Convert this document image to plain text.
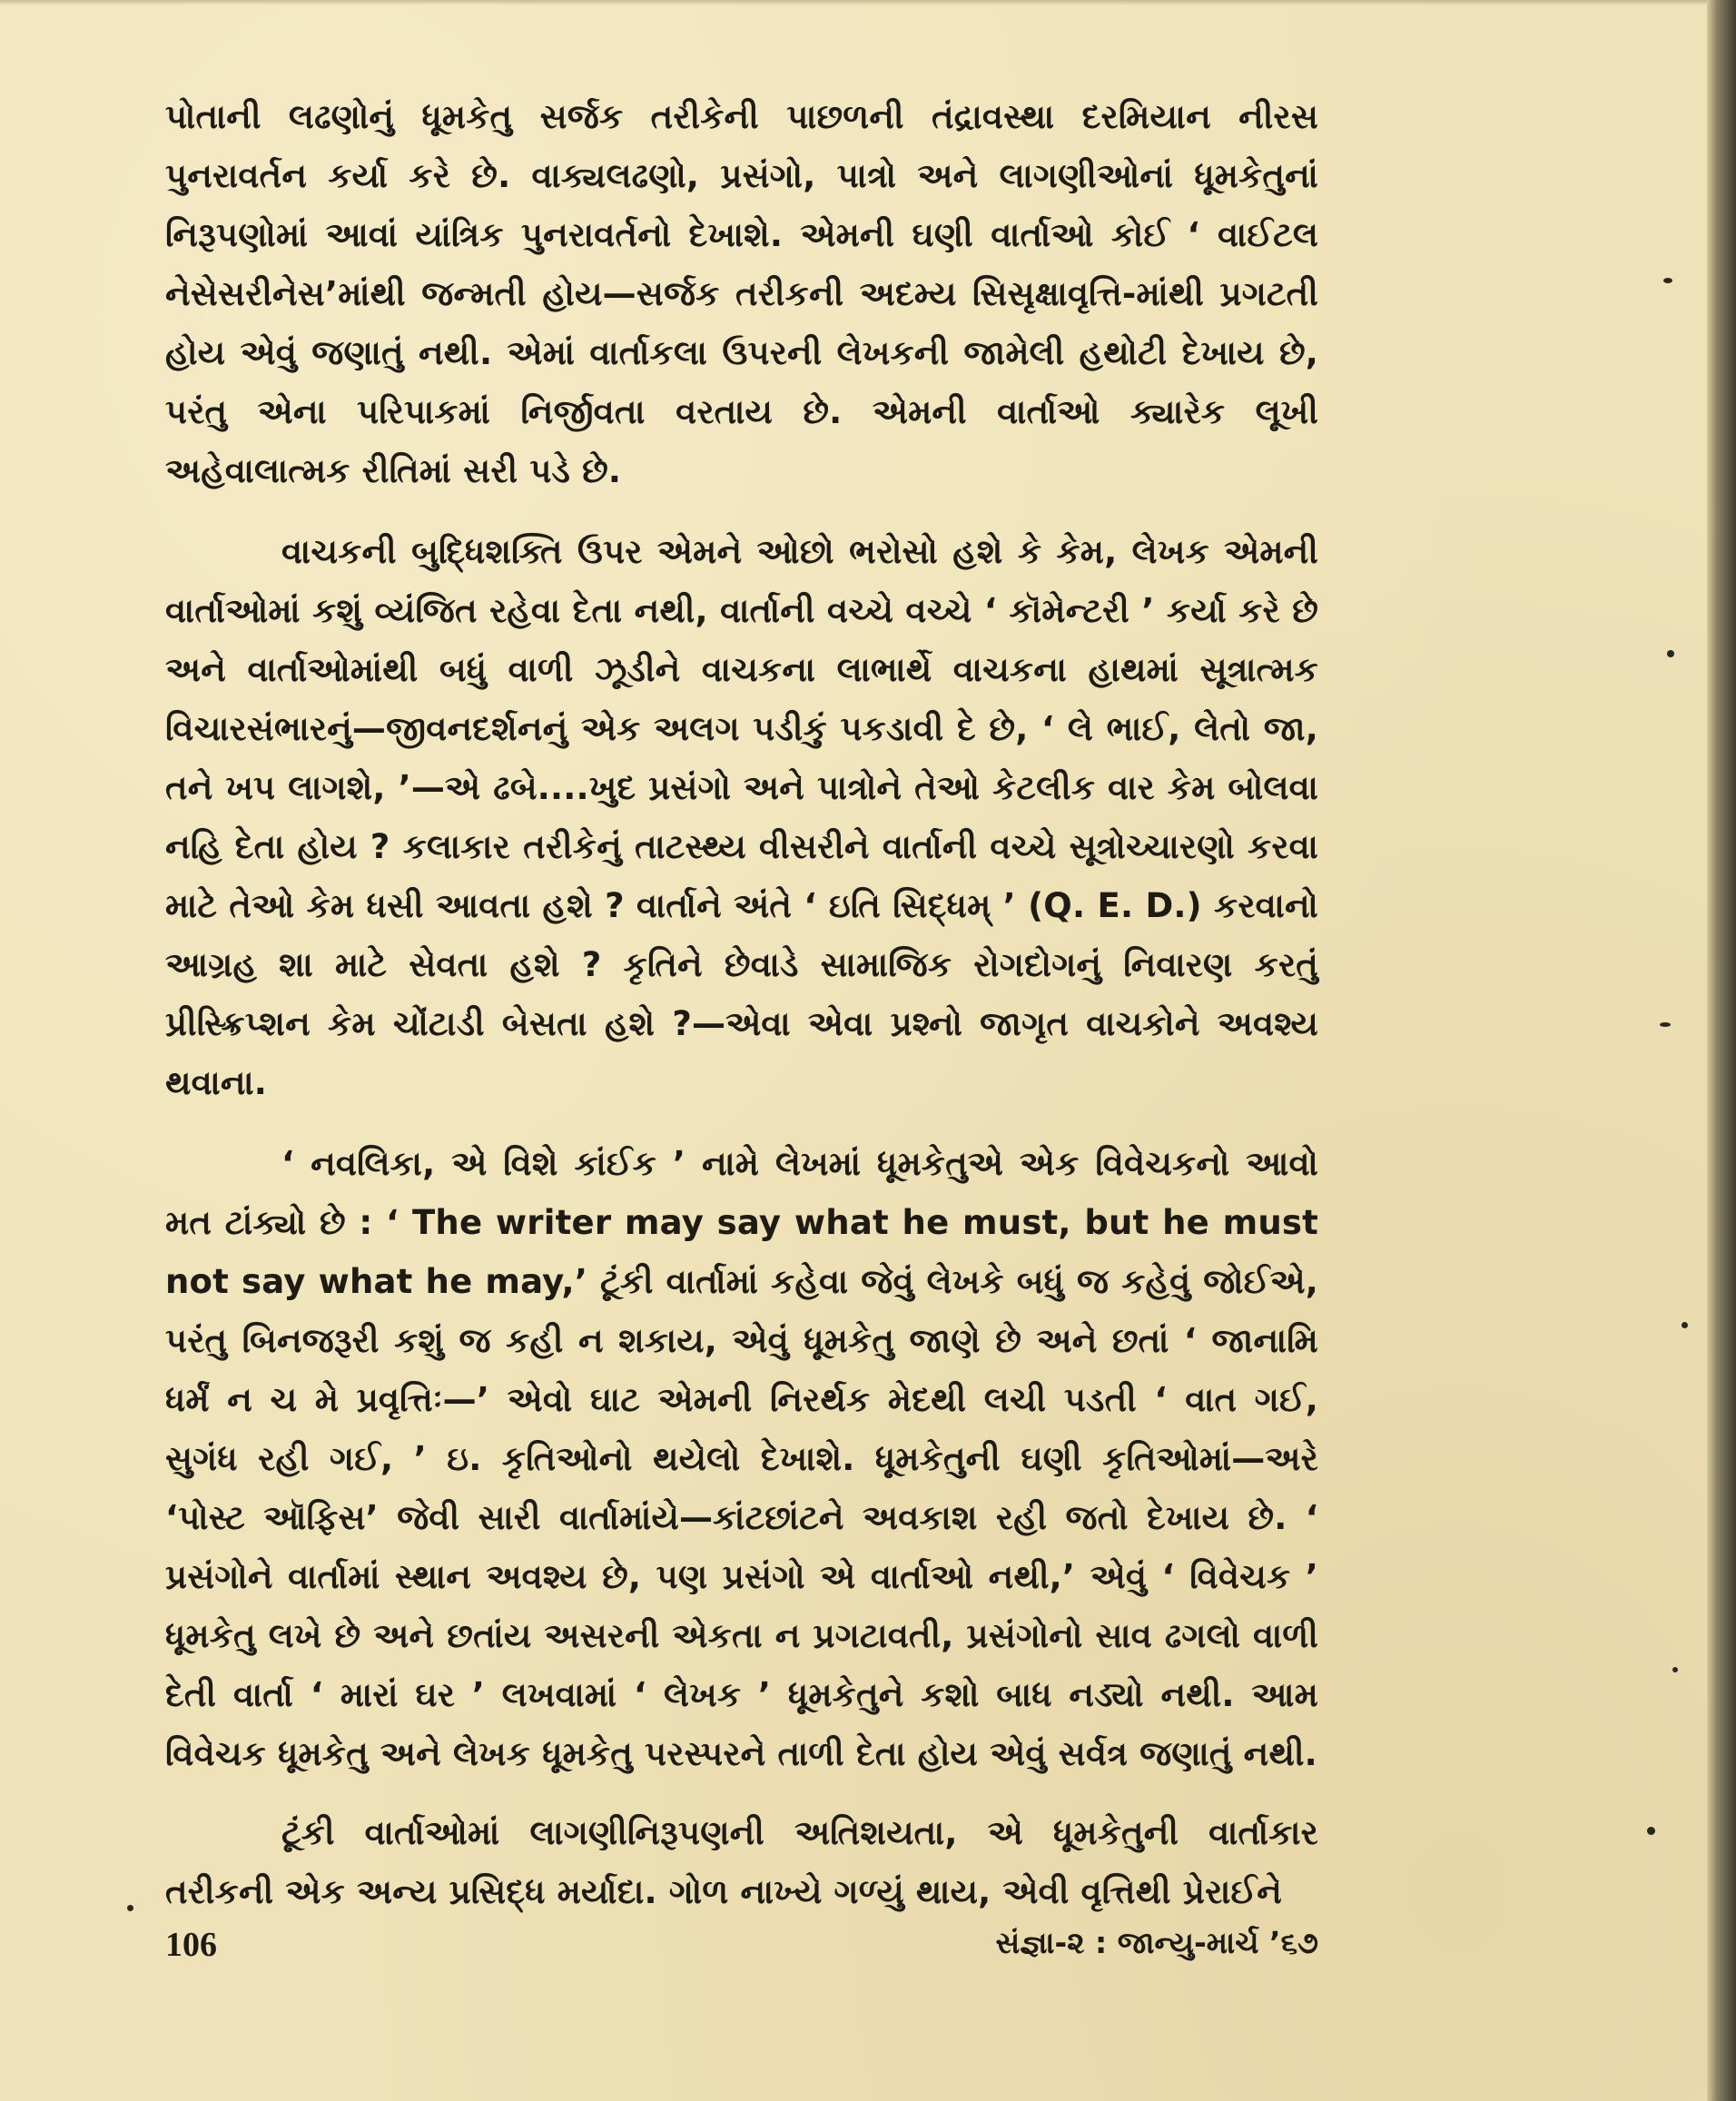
પોતાની લઢણોનું ધૂમકેતુ સર્જક તરીકેની પાછળની તંદ્રાવસ્થા દરમિયાન નીરસ પુનરાવર્તન કર્યા કરે છે. વાક્યલઢણો, પ્રસંગો, પાત્રો અને લાગણીઓનાં ધૂમકેતુનાં નિરૂપણોમાં આવાં યાંત્રિક પુનરાવર્તનો દેખાશે. એમની ઘણી વાર્તાઓ કોઈ ‘ વાઈટલ નેસેસરીનેસ’માંથી જન્મતી હોય—સર્જક તરીકની અદમ્ય સિસૃક્ષાવૃત્તિ-માંથી પ્રગટતી હોય એવું જણાતું નથી. એમાં વાર્તાકલા ઉપરની લેખકની જામેલી હથોટી દેખાય છે, પરંતુ એના પરિપાકમાં નિર્જીવતા વરતાય છે. એમની વાર્તાઓ ક્યારેક લૂખી અહેવાલાત્મક રીતિમાં સરી પડે છે.

વાચકની બુદ્ધિશક્તિ ઉપર એમને ઓછો ભરોસો હશે કે કેમ, લેખક એમની વાર્તાઓમાં કશું વ્યંજિત રહેવા દેતા નથી, વાર્તાની વચ્ચે વચ્ચે ‘ કૉમેન્ટરી ’ કર્યા કરે છે અને વાર્તાઓમાંથી બધું વાળી ઝૂડીને વાચકના લાભાર્થે વાચકના હાથમાં સૂત્રાત્મક વિચારસંભારનું—જીવનદર્શનનું એક અલગ પડીકું પકડાવી દે છે, ‘ લે ભાઈ, લેતો જા, તને ખપ લાગશે, ’—એ ઢબે....ખુદ પ્રસંગો અને પાત્રોને તેઓ કેટલીક વાર કેમ બોલવા નહિ દેતા હોય ? કલાકાર તરીકેનું તાટસ્થ્ય વીસરીને વાર્તાની વચ્ચે સૂત્રોચ્ચારણો કરવા માટે તેઓ કેમ ધસી આવતા હશે ? વાર્તાને અંતે ‘ ઇતિ સિદ્ધમ્ ’ (Q. E. D.) કરવાનો આગ્રહ શા માટે સેવતા હશે ? કૃતિને છેવાડે સામાજિક રોગદોગનું નિવારણ કરતું પ્રીસ્ક્રિપ્શન કેમ ચોંટાડી બેસતા હશે ?—એવા એવા પ્રશ્નો જાગૃત વાચકોને અવશ્ય થવાના.

‘ નવલિકા, એ વિશે કાંઈક ’ નામે લેખમાં ધૂમકેતુએ એક વિવેચકનો આવો મત ટાંક્યો છે : ‘ The writer may say what he must, but he must not say what he may,’ ટૂંકી વાર્તામાં કહેવા જેવું લેખકે બધું જ કહેવું જોઈએ, પરંતુ બિનજરૂરી કશું જ કહી ન શકાય, એવું ધૂમકેતુ જાણે છે અને છતાં ‘ જાનામિ ધર્મં ન ચ મે પ્રવૃત્તિઃ—’ એવો ઘાટ એમની નિરર્થક મેદથી લચી પડતી ‘ વાત ગઈ, સુગંધ રહી ગઈ, ’ ઇ. કૃતિઓનો થયેલો દેખાશે. ધૂમકેતુની ઘણી કૃતિઓમાં—અરે ‘પોસ્ટ ઑફિસ’ જેવી સારી વાર્તામાંયે—કાંટછાંટને અવકાશ રહી જતો દેખાય છે. ‘ પ્રસંગોને વાર્તામાં સ્થાન અવશ્ય છે, પણ પ્રસંગો એ વાર્તાઓ નથી,’ એવું ‘ વિવેચક ’ ધૂમકેતુ લખે છે અને છતાંય અસરની એકતા ન પ્રગટાવતી, પ્રસંગોનો સાવ ઢગલો વાળી દેતી વાર્તા ‘ મારાં ઘર ’ લખવામાં ‘ લેખક ’ ધૂમકેતુને કશો બાધ નડ્યો નથી. આમ વિવેચક ધૂમકેતુ અને લેખક ધૂમકેતુ પરસ્પરને તાળી દેતા હોય એવું સર્વત્ર જણાતું નથી.

ટૂંકી વાર્તાઓમાં લાગણીનિરૂપણની અતિશયતા, એ ધૂમકેતુની વાર્તાકાર તરીકની એક અન્ય પ્રસિદ્ધ મર્યાદા. ગોળ નાખ્યે ગળ્યું થાય, એવી વૃત્તિથી પ્રેરાઈને

106	સંજ્ઞા-૨ : જાન્યુ-માર્ચ ’૬૭
